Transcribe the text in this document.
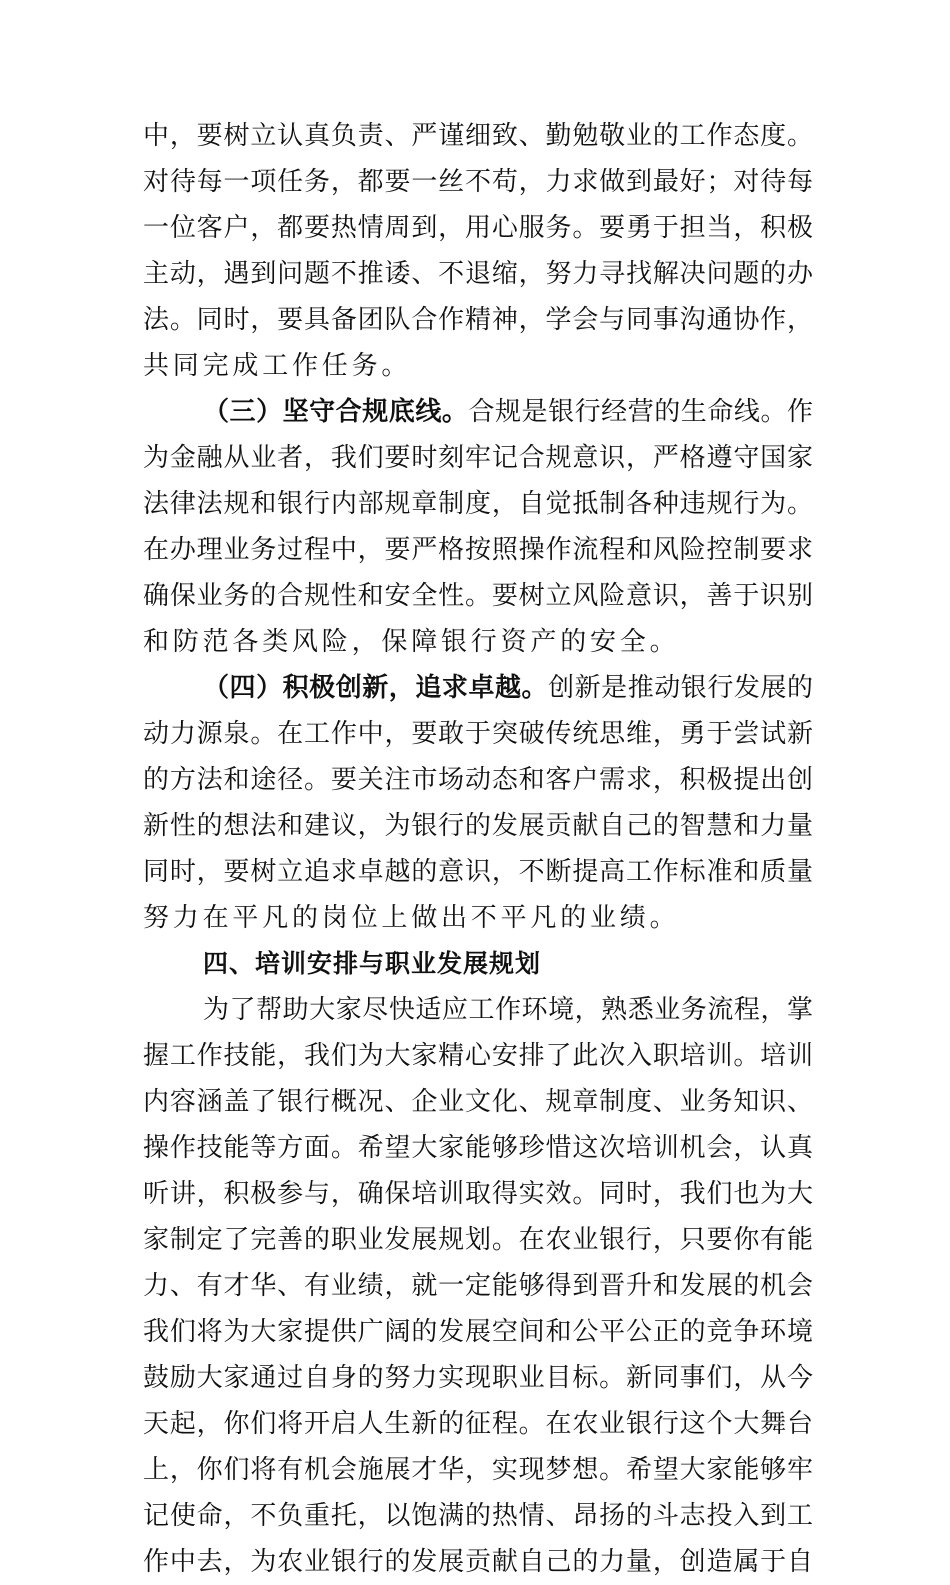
中，要树立认真负责、严谨细致、勤勉敬业的工作态度。
对待每一项任务，都要一丝不苟，力求做到最好；对待每
一位客户，都要热情周到，用心服务。要勇于担当，积极
主动，遇到问题不推诿、不退缩，努力寻找解决问题的办
法。同时，要具备团队合作精神，学会与同事沟通协作，
共同完成工作任务。
（三）坚守合规底线。合规是银行经营的生命线。作
为金融从业者，我们要时刻牢记合规意识，严格遵守国家
法律法规和银行内部规章制度，自觉抵制各种违规行为。
在办理业务过程中，要严格按照操作流程和风险控制要求
确保业务的合规性和安全性。要树立风险意识，善于识别
和防范各类风险，保障银行资产的安全。
（四）积极创新，追求卓越。创新是推动银行发展的
动力源泉。在工作中，要敢于突破传统思维，勇于尝试新
的方法和途径。要关注市场动态和客户需求，积极提出创
新性的想法和建议，为银行的发展贡献自己的智慧和力量
同时，要树立追求卓越的意识，不断提高工作标准和质量
努力在平凡的岗位上做出不平凡的业绩。
四、培训安排与职业发展规划
为了帮助大家尽快适应工作环境，熟悉业务流程，掌
握工作技能，我们为大家精心安排了此次入职培训。培训
内容涵盖了银行概况、企业文化、规章制度、业务知识、
操作技能等方面。希望大家能够珍惜这次培训机会，认真
听讲，积极参与，确保培训取得实效。同时，我们也为大
家制定了完善的职业发展规划。在农业银行，只要你有能
力、有才华、有业绩，就一定能够得到晋升和发展的机会
我们将为大家提供广阔的发展空间和公平公正的竞争环境
鼓励大家通过自身的努力实现职业目标。新同事们，从今
天起，你们将开启人生新的征程。在农业银行这个大舞台
上，你们将有机会施展才华，实现梦想。希望大家能够牢
记使命，不负重托，以饱满的热情、昂扬的斗志投入到工
作中去，为农业银行的发展贡献自己的力量，创造属于自
